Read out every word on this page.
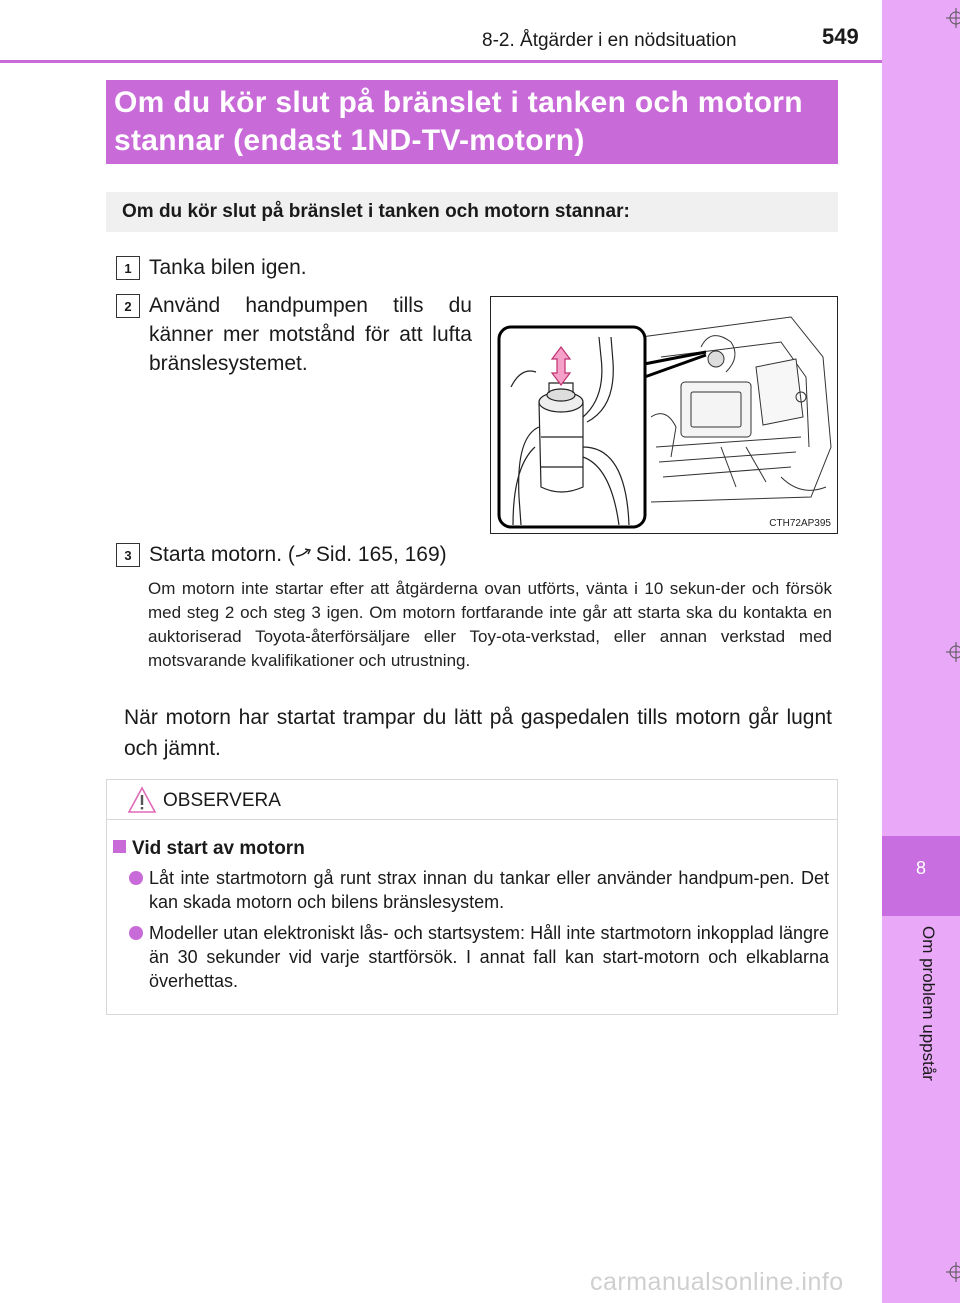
8-2. Åtgärder i en nödsituation	549
8
Om problem uppstår
Om du kör slut på bränslet i tanken och motorn
stannar (endast 1ND-TV-motorn)
Om du kör slut på bränslet i tanken och motorn stannar:
1 Tanka bilen igen.
2 Använd handpumpen tills du känner mer motstånd för att lufta bränslesystemet.
CTH72AP395
3 Starta motorn. ( Sid. 165, 169)
Om motorn inte startar efter att åtgärderna ovan utförts, vänta i 10 sekun-der och försök med steg 2 och steg 3 igen. Om motorn fortfarande inte går att starta ska du kontakta en auktoriserad Toyota-återförsäljare eller Toy-ota-verkstad, eller annan verkstad med motsvarande kvalifikationer och utrustning.
När motorn har startat trampar du lätt på gaspedalen tills motorn går lugnt och jämnt.
OBSERVERA
Vid start av motorn
Låt inte startmotorn gå runt strax innan du tankar eller använder handpum-pen. Det kan skada motorn och bilens bränslesystem.
Modeller utan elektroniskt lås- och startsystem: Håll inte startmotorn inkopplad längre än 30 sekunder vid varje startförsök. I annat fall kan start-motorn och elkablarna överhettas.
carmanualsonline.info
